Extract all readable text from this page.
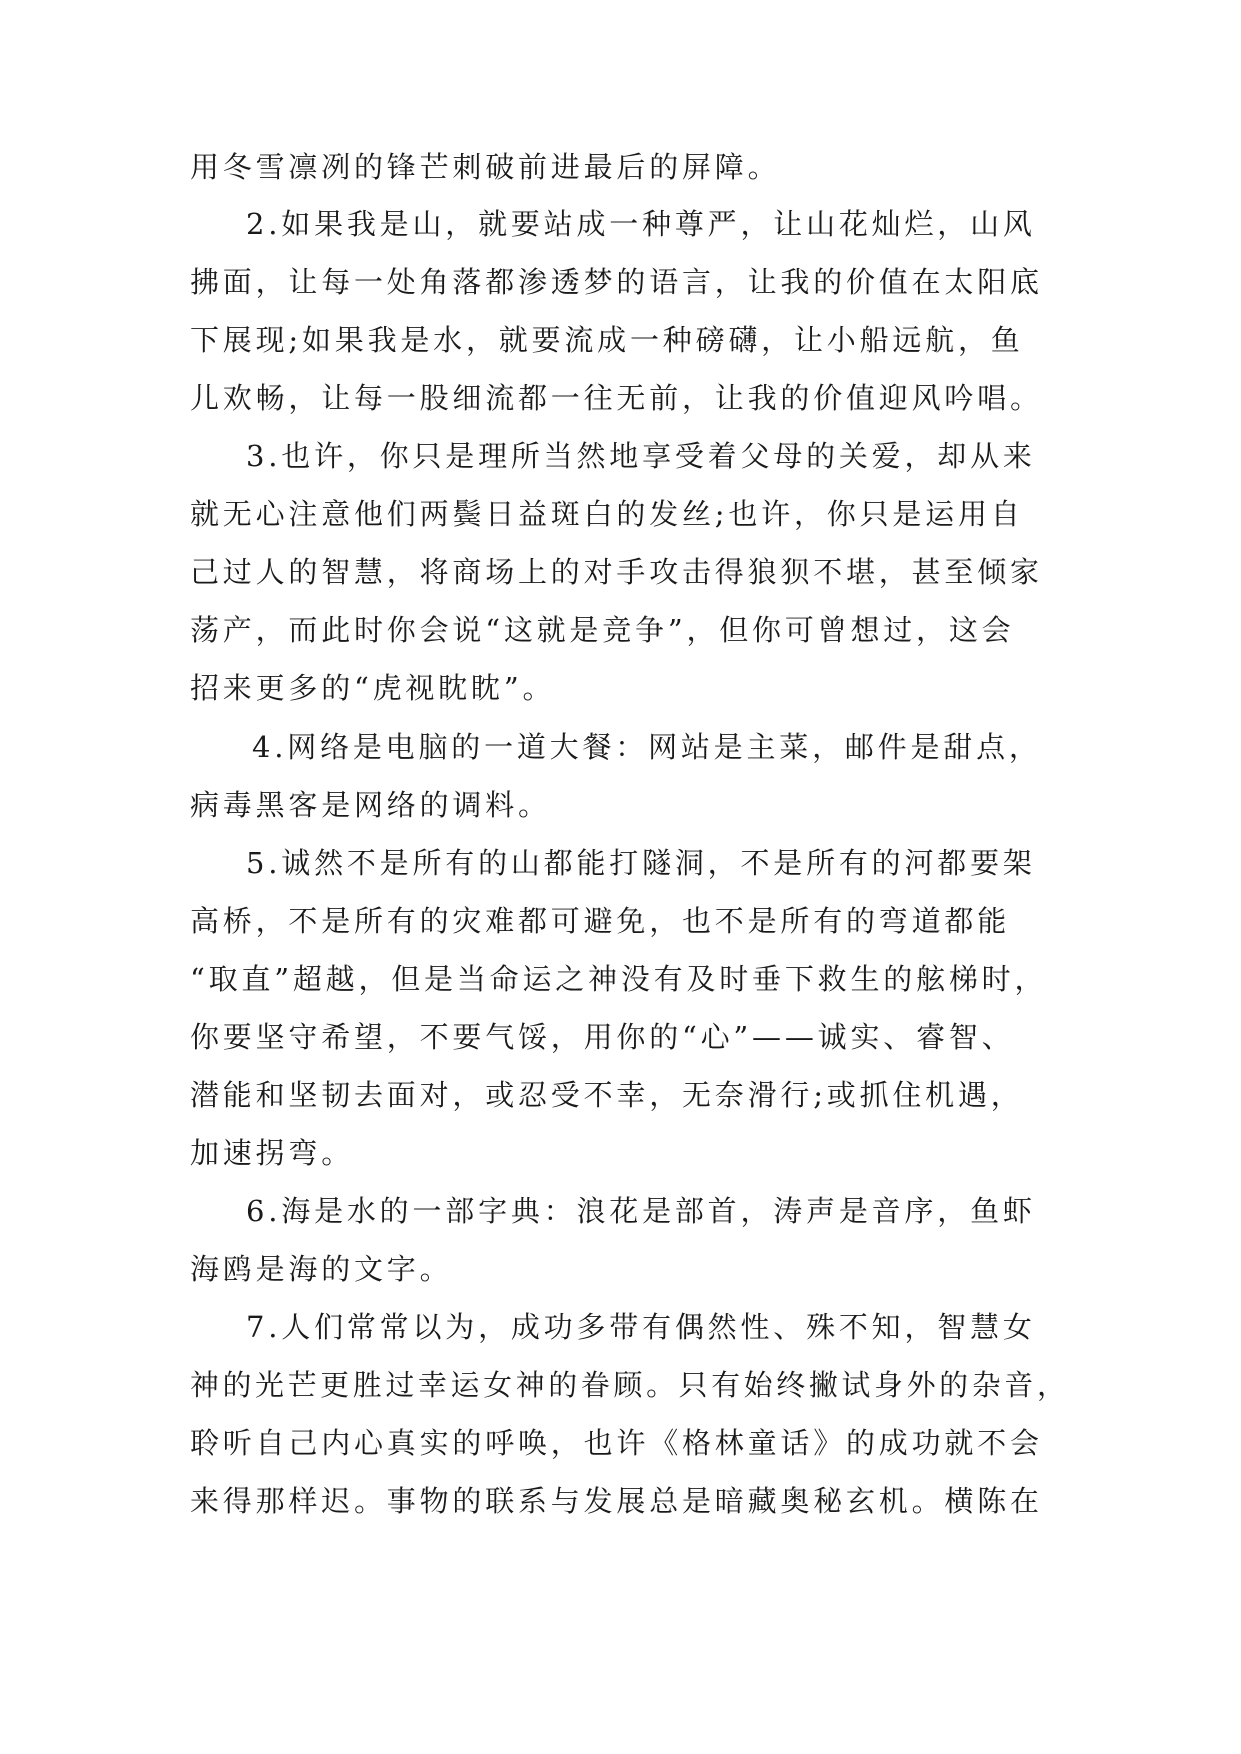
用冬雪凛冽的锋芒刺破前进最后的屏障。
2.如果我是山，就要站成一种尊严，让山花灿烂，山风
拂面，让每一处角落都渗透梦的语言，让我的价值在太阳底
下展现;如果我是水，就要流成一种磅礴，让小船远航，鱼
儿欢畅，让每一股细流都一往无前，让我的价值迎风吟唱。
3.也许，你只是理所当然地享受着父母的关爱，却从来
就无心注意他们两鬓日益斑白的发丝;也许，你只是运用自
己过人的智慧，将商场上的对手攻击得狼狈不堪，甚至倾家
荡产，而此时你会说“这就是竞争”，但你可曾想过，这会
招来更多的“虎视眈眈”。
4.网络是电脑的一道大餐：网站是主菜，邮件是甜点，
病毒黑客是网络的调料。
5.诚然不是所有的山都能打隧洞，不是所有的河都要架
高桥，不是所有的灾难都可避免，也不是所有的弯道都能
“取直”超越，但是当命运之神没有及时垂下救生的舷梯时，
你要坚守希望，不要气馁，用你的“心”——诚实、睿智、
潜能和坚韧去面对，或忍受不幸，无奈滑行;或抓住机遇，
加速拐弯。
6.海是水的一部字典：浪花是部首，涛声是音序，鱼虾
海鸥是海的文字。
7.人们常常以为，成功多带有偶然性、殊不知，智慧女
神的光芒更胜过幸运女神的眷顾。只有始终撇试身外的杂音，
聆听自己内心真实的呼唤，也许《格林童话》的成功就不会
来得那样迟。事物的联系与发展总是暗藏奥秘玄机。横陈在
